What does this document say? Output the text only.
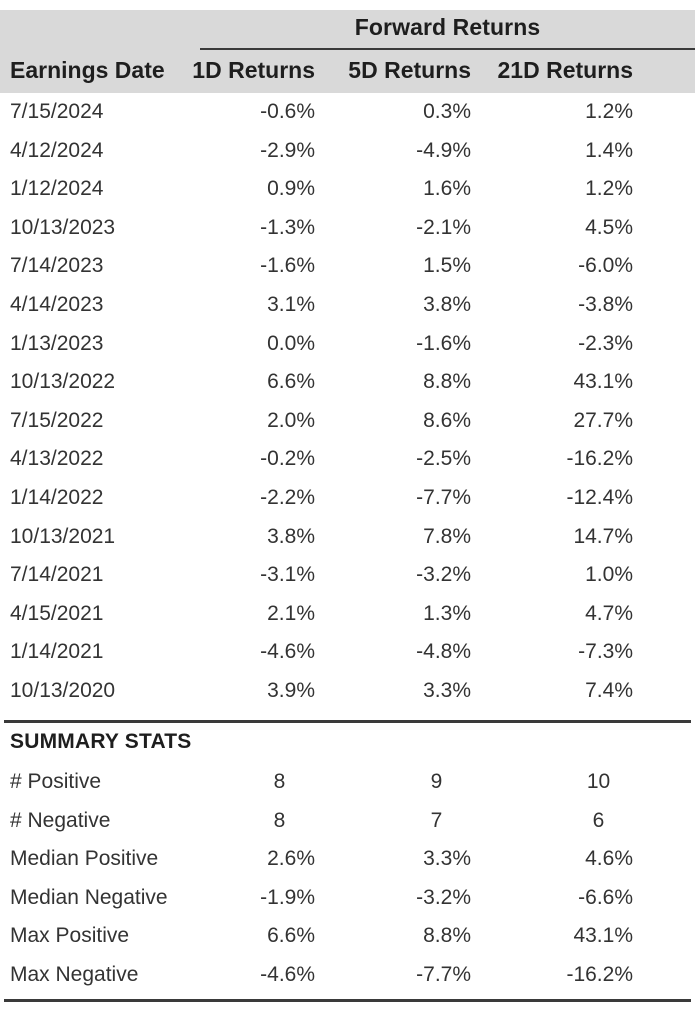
Forward Returns
Earnings Date	1D Returns	5D Returns	21D Returns
7/15/2024	-0.6%	0.3%	1.2%
4/12/2024	-2.9%	-4.9%	1.4%
1/12/2024	0.9%	1.6%	1.2%
10/13/2023	-1.3%	-2.1%	4.5%
7/14/2023	-1.6%	1.5%	-6.0%
4/14/2023	3.1%	3.8%	-3.8%
1/13/2023	0.0%	-1.6%	-2.3%
10/13/2022	6.6%	8.8%	43.1%
7/15/2022	2.0%	8.6%	27.7%
4/13/2022	-0.2%	-2.5%	-16.2%
1/14/2022	-2.2%	-7.7%	-12.4%
10/13/2021	3.8%	7.8%	14.7%
7/14/2021	-3.1%	-3.2%	1.0%
4/15/2021	2.1%	1.3%	4.7%
1/14/2021	-4.6%	-4.8%	-7.3%
10/13/2020	3.9%	3.3%	7.4%
SUMMARY STATS
# Positive	8	9	10
# Negative	8	7	6
Median Positive	2.6%	3.3%	4.6%
Median Negative	-1.9%	-3.2%	-6.6%
Max Positive	6.6%	8.8%	43.1%
Max Negative	-4.6%	-7.7%	-16.2%
